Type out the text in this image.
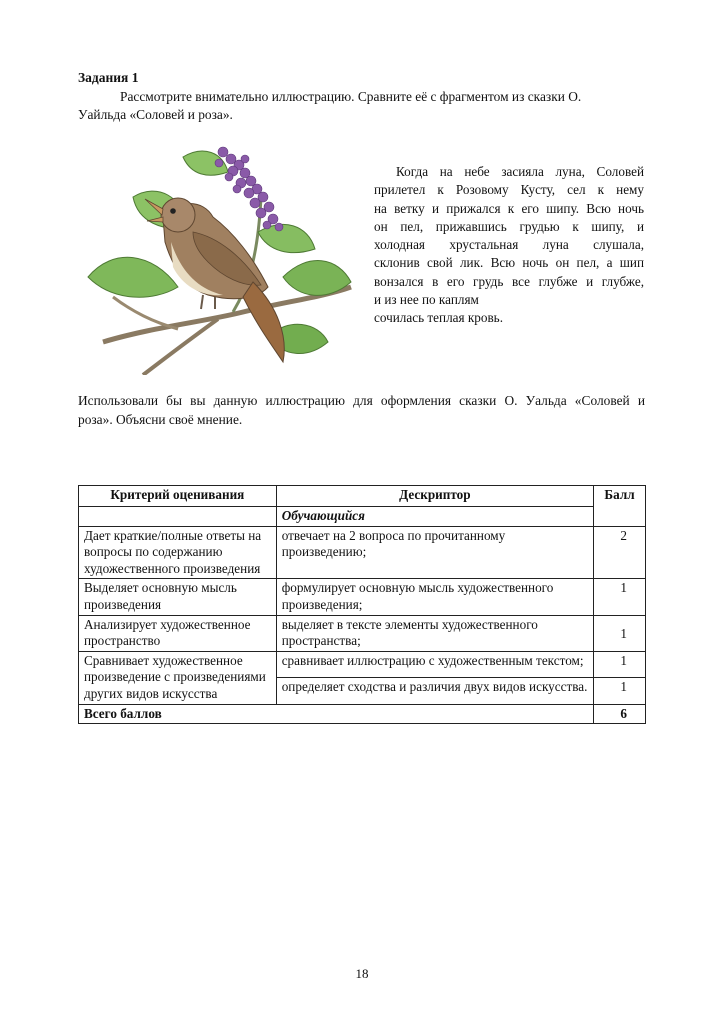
Задания 1
Рассмотрите внимательно иллюстрацию. Сравните её с фрагментом из сказки О.
Уайльда «Соловей и роза».
Когда на небе засияла луна, Соловей
прилетел к Розовому Кусту, сел к нему
на ветку и прижался к его шипу. Всю ночь
он пел, прижавшись грудью к шипу, и
холодная хрустальная луна слушала,
склонив свой лик. Всю ночь он пел, а шип
вонзался в его грудь все глубже и глубже,
и из нее по каплям
сочилась теплая кровь.
Использовали бы вы данную иллюстрацию для оформления сказки О. Уальда «Соловей и
роза». Объясни своё мнение.
Критерий оценивания	Дескриптор	Балл
	Обучающийся	
Дает краткие/полные ответы на вопросы по содержанию художественного произведения	отвечает на 2 вопроса по прочитанному произведению;	2
Выделяет основную мысль произведения	формулирует основную мысль художественного произведения;	1
Анализирует художественное пространство	выделяет в тексте элементы художественного пространства;	1
Сравнивает художественное произведение с произведениями других видов искусства	сравнивает иллюстрацию с художественным текстом;	1
	определяет сходства и различия двух видов искусства.	1
Всего баллов		6
18
